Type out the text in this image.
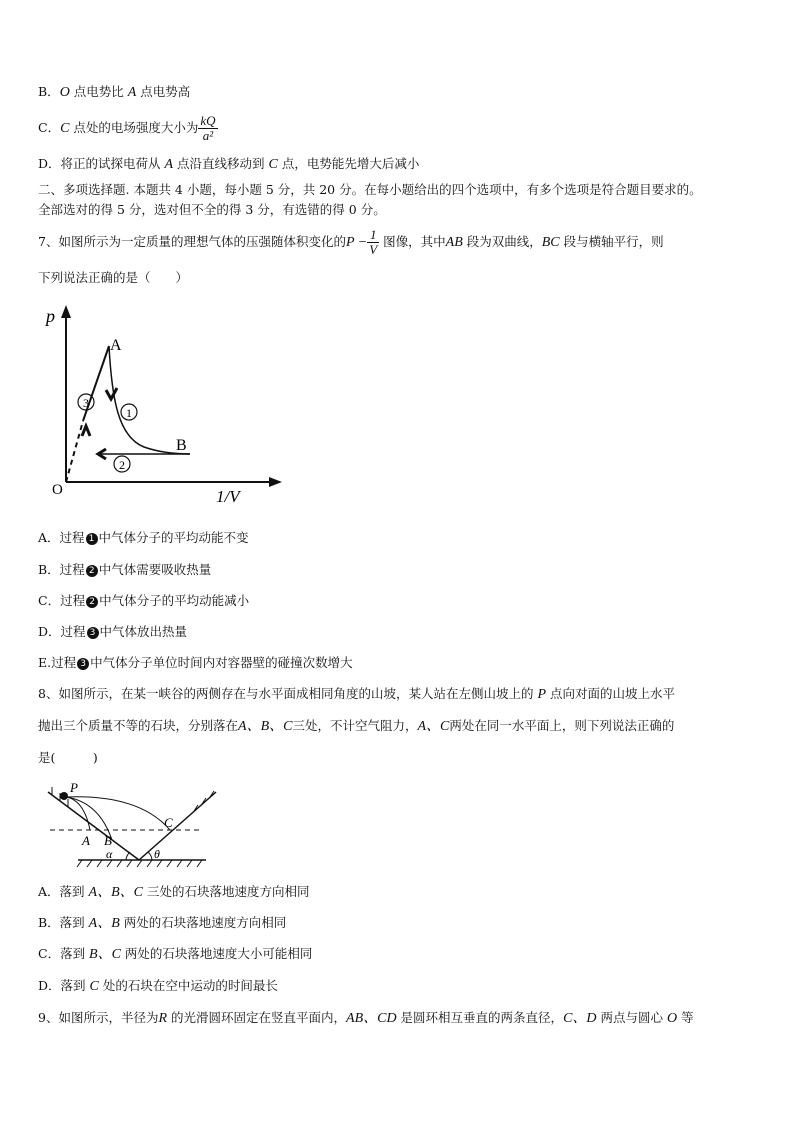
B．O 点电势比 A 点电势高
C．C 点处的电场强度大小为 $\frac{kQ}{\text{a²}}$
D．将正的试探电荷从 A 点沿直线移动到 C 点，电势能先增大后减小
二、多项选择题. 本题共 4 小题，每小题 5 分，共 20 分。在每小题给出的四个选项中，有多个选项是符合题目要求的。
全部选对的得 5 分，选对但不全的得 3 分，有选错的得 0 分。
7、如图所示为一定质量的理想气体的压强随体积变化的$P - \frac{1}{V}$ 图像，其中AB 段为双曲线，BC 段与横轴平行，则
下列说法正确的是（　　）
p
1/V
O
A
B
1
2
3
A．过程 1 中气体分子的平均动能不变
B．过程 2 中气体需要吸收热量
C．过程 2 中气体分子的平均动能减小
D．过程 3 中气体放出热量
E.过程 3 中气体分子单位时间内对容器壁的碰撞次数增大
8、如图所示，在某一峡谷的两侧存在与水平面成相同角度的山坡，某人站在左侧山坡上的 P 点向对面的山坡上水平
抛出三个质量不等的石块，分别落在A、B、C三处，不计空气阻力，A、C两处在同一水平面上，则下列说法正确的
是(　　　)
P
A B
C
α	θ
A．落到 A、B、C 三处的石块落地速度方向相同
B．落到 A、B 两处的石块落地速度方向相同
C．落到 B、C 两处的石块落地速度大小可能相同
D．落到 C 处的石块在空中运动的时间最长
9、如图所示，半径为R 的光滑圆环固定在竖直平面内，AB、CD 是圆环相互垂直的两条直径，C、D 两点与圆心 O 等
